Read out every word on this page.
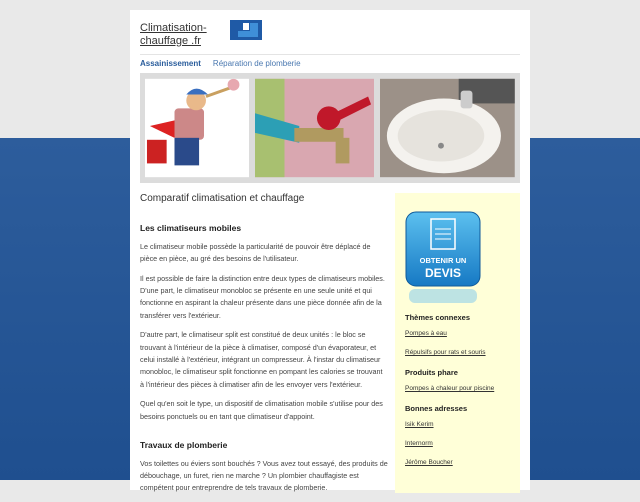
Climatisation-chauffage .fr
Assainissement Réparation de plomberie
Comparatif climatisation et chauffage
Les climatiseurs mobiles

Le climatiseur mobile possède la particularité de pouvoir être déplacé de pièce en pièce, au gré des besoins de l'utilisateur.

Il est possible de faire la distinction entre deux types de climatiseurs mobiles. D'une part, le climatiseur monobloc se présente en une seule unité et qui fonctionne en aspirant la chaleur présente dans une pièce donnée afin de la transférer vers l'extérieur.

D'autre part, le climatiseur split est constitué de deux unités : le bloc se trouvant à l'intérieur de la pièce à climatiser, composé d'un évaporateur, et celui installé à l'extérieur, intégrant un compresseur. À l'instar du climatiseur monobloc, le climatiseur split fonctionne en pompant les calories se trouvant à l'intérieur des pièces à climatiser afin de les envoyer vers l'extérieur.

Quel qu'en soit le type, un dispositif de climatisation mobile s'utilise pour des besoins ponctuels ou en tant que climatiseur d'appoint.

Travaux de plomberie

Vos toilettes ou éviers sont bouchés ? Vous avez tout essayé, des produits de débouchage, un furet, rien ne marche ? Un plombier chauffagiste est compétent pour entreprendre de tels travaux de plomberie.

OBTENIR UN
DEVIS
Thèmes connexes
Pompes à eau
Répulsifs pour rats et souris
Produits phare
Pompes à chaleur pour piscine
Bonnes adresses
Isik Kerim
Internorm
Jérôme Boucher
